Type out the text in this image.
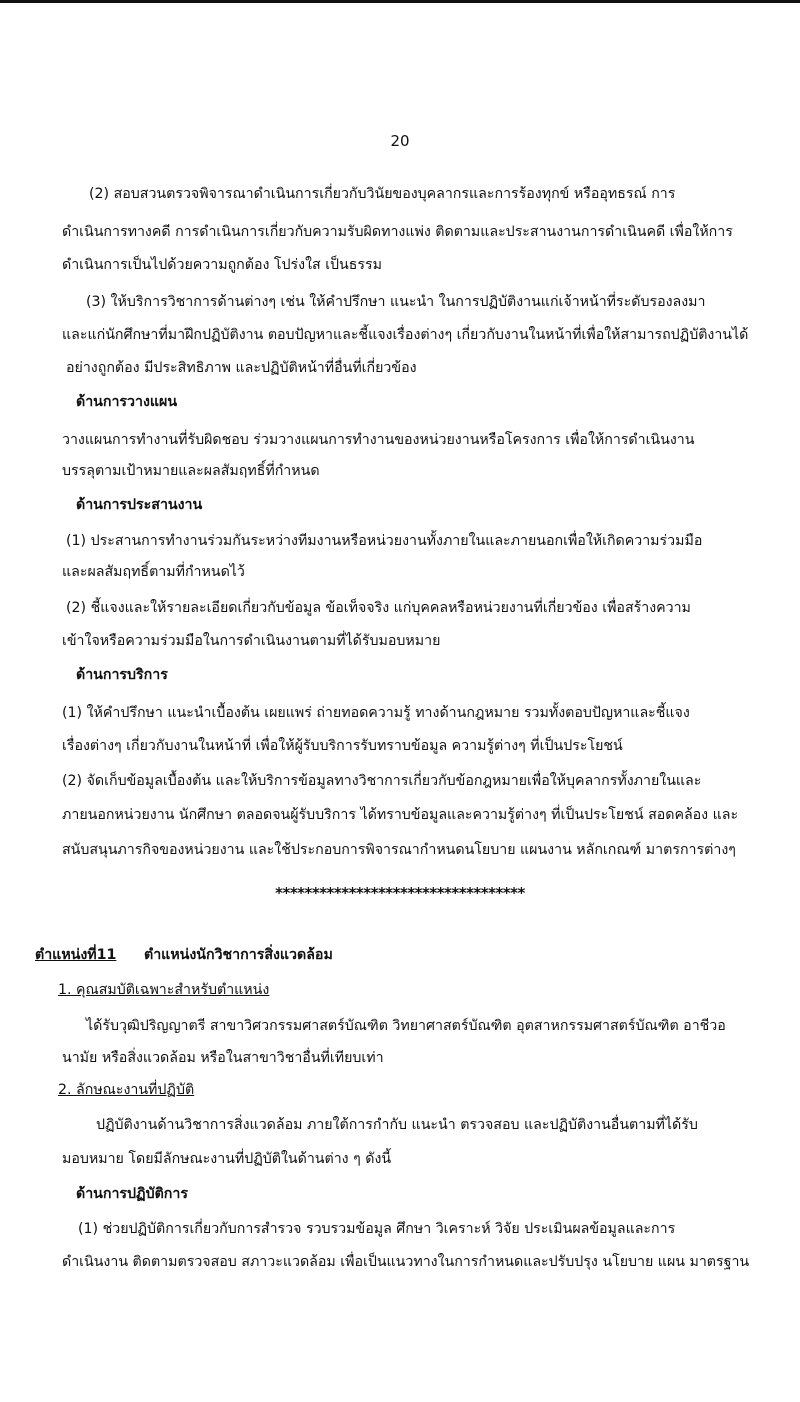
20
(2) สอบสวนตรวจพิจารณาดำเนินการเกี่ยวกับวินัยของบุคลากรและการร้องทุกข์ หรืออุทธรณ์ การ
ดำเนินการทางคดี การดำเนินการเกี่ยวกับความรับผิดทางแพ่ง ติดตามและประสานงานการดำเนินคดี เพื่อให้การ
ดำเนินการเป็นไปด้วยความถูกต้อง โปร่งใส เป็นธรรม
(3) ให้บริการวิชาการด้านต่างๆ เช่น ให้คำปรึกษา แนะนำ ในการปฏิบัติงานแก่เจ้าหน้าที่ระดับรองลงมา
และแก่นักศึกษาที่มาฝึกปฏิบัติงาน ตอบปัญหาและชี้แจงเรื่องต่างๆ เกี่ยวกับงานในหน้าที่เพื่อให้สามารถปฏิบัติงานได้
อย่างถูกต้อง มีประสิทธิภาพ และปฏิบัติหน้าที่อื่นที่เกี่ยวข้อง
ด้านการวางแผน
วางแผนการทำงานที่รับผิดชอบ ร่วมวางแผนการทำงานของหน่วยงานหรือโครงการ เพื่อให้การดำเนินงาน
บรรลุตามเป้าหมายและผลสัมฤทธิ์ที่กำหนด
ด้านการประสานงาน
(1) ประสานการทำงานร่วมกันระหว่างทีมงานหรือหน่วยงานทั้งภายในและภายนอกเพื่อให้เกิดความร่วมมือ
และผลสัมฤทธิ์ตามที่กำหนดไว้
(2) ชี้แจงและให้รายละเอียดเกี่ยวกับข้อมูล ข้อเท็จจริง แก่บุคคลหรือหน่วยงานที่เกี่ยวข้อง เพื่อสร้างความ
เข้าใจหรือความร่วมมือในการดำเนินงานตามที่ได้รับมอบหมาย
ด้านการบริการ
(1) ให้คำปรึกษา แนะนำเบื้องต้น เผยแพร่ ถ่ายทอดความรู้ ทางด้านกฎหมาย รวมทั้งตอบปัญหาและชี้แจง
เรื่องต่างๆ เกี่ยวกับงานในหน้าที่ เพื่อให้ผู้รับบริการรับทราบข้อมูล ความรู้ต่างๆ ที่เป็นประโยชน์
(2) จัดเก็บข้อมูลเบื้องต้น และให้บริการข้อมูลทางวิชาการเกี่ยวกับข้อกฎหมายเพื่อให้บุคลากรทั้งภายในและ
ภายนอกหน่วยงาน นักศึกษา ตลอดจนผู้รับบริการ ได้ทราบข้อมูลและความรู้ต่างๆ ที่เป็นประโยชน์ สอดคล้อง และ
สนับสนุนภารกิจของหน่วยงาน และใช้ประกอบการพิจารณากำหนดนโยบาย แผนงาน หลักเกณฑ์ มาตรการต่างๆ
**********************************
ตำแหน่งที่11 ตำแหน่งนักวิชาการสิ่งแวดล้อม
1. คุณสมบัติเฉพาะสำหรับตำแหน่ง
ได้รับวุฒิปริญญาตรี สาขาวิศวกรรมศาสตร์บัณฑิต วิทยาศาสตร์บัณฑิต อุตสาหกรรมศาสตร์บัณฑิต อาชีวอ
นามัย หรือสิ่งแวดล้อม หรือในสาขาวิชาอื่นที่เทียบเท่า
2. ลักษณะงานที่ปฏิบัติ
ปฏิบัติงานด้านวิชาการสิ่งแวดล้อม ภายใต้การกำกับ แนะนำ ตรวจสอบ และปฏิบัติงานอื่นตามที่ได้รับ
มอบหมาย โดยมีลักษณะงานที่ปฏิบัติในด้านต่าง ๆ ดังนี้
ด้านการปฏิบัติการ
(1) ช่วยปฏิบัติการเกี่ยวกับการสำรวจ รวบรวมข้อมูล ศึกษา วิเคราะห์ วิจัย ประเมินผลข้อมูลและการ
ดำเนินงาน ติดตามตรวจสอบ สภาวะแวดล้อม เพื่อเป็นแนวทางในการกำหนดและปรับปรุง นโยบาย แผน มาตรฐาน
